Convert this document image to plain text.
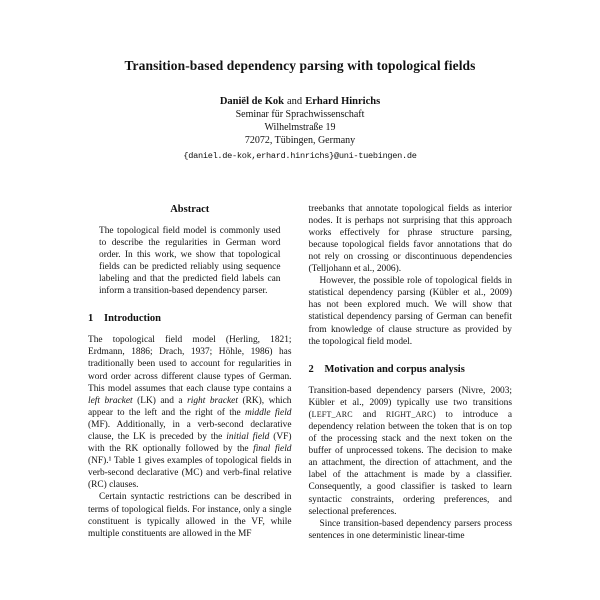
Transition-based dependency parsing with topological fields
Daniël de Kok and Erhard Hinrichs
Seminar für Sprachwissenschaft
Wilhelmstraße 19
72072, Tübingen, Germany
{daniel.de-kok,erhard.hinrichs}@uni-tuebingen.de
Abstract

The topological field model is commonly used to describe the regularities in German word order. In this work, we show that topological fields can be predicted reliably using sequence labeling and that the predicted field labels can inform a transition-based dependency parser.

1 Introduction

The topological field model (Herling, 1821; Erdmann, 1886; Drach, 1937; Höhle, 1986) has traditionally been used to account for regularities in word order across different clause types of German. This model assumes that each clause type contains a left bracket (LK) and a right bracket (RK), which appear to the left and the right of the middle field (MF). Additionally, in a verb-second declarative clause, the LK is preceded by the initial field (VF) with the RK optionally followed by the final field (NF).¹ Table 1 gives examples of topological fields in verb-second declarative (MC) and verb-final relative (RC) clauses.

Certain syntactic restrictions can be described in terms of topological fields. For instance, only a single constituent is typically allowed in the VF, while multiple constituents are allowed in the MF

treebanks that annotate topological fields as interior nodes. It is perhaps not surprising that this approach works effectively for phrase structure parsing, because topological fields favor annotations that do not rely on crossing or discontinuous dependencies (Telljohann et al., 2006).

However, the possible role of topological fields in statistical dependency parsing (Kübler et al., 2009) has not been explored much. We will show that statistical dependency parsing of German can benefit from knowledge of clause structure as provided by the topological field model.

2 Motivation and corpus analysis

Transition-based dependency parsers (Nivre, 2003; Kübler et al., 2009) typically use two transitions (LEFT_ARC and RIGHT_ARC) to introduce a dependency relation between the token that is on top of the processing stack and the next token on the buffer of unprocessed tokens. The decision to make an attachment, the direction of attachment, and the label of the attachment is made by a classifier. Consequently, a good classifier is tasked to learn syntactic constraints, ordering preferences, and selectional preferences.

Since transition-based dependency parsers process sentences in one deterministic linear-time
